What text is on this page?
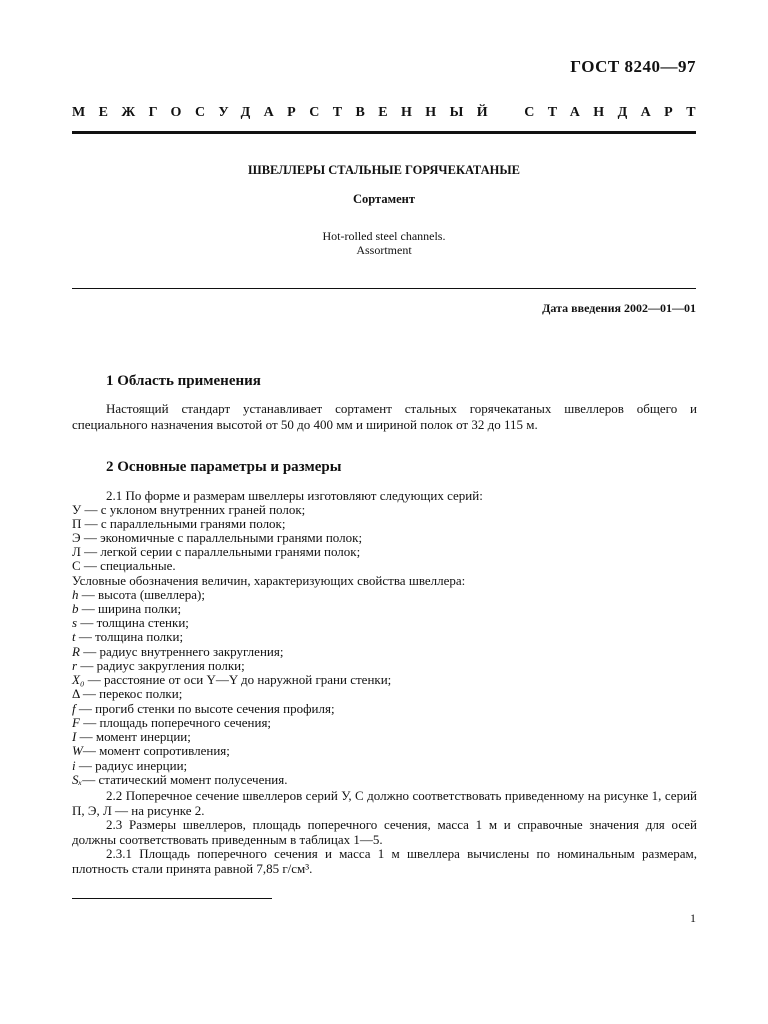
ГОСТ 8240—97
МЕЖГОСУДАРСТВЕННЫЙ СТАНДАРТ
ШВЕЛЛЕРЫ СТАЛЬНЫЕ ГОРЯЧЕКАТАНЫЕ
Сортамент
Hot-rolled steel channels.
Assortment
Дата введения 2002—01—01
1 Область применения
Настоящий стандарт устанавливает сортамент стальных горячекатаных швеллеров общего и специального назначения высотой от 50 до 400 мм и шириной полок от 32 до 115 м.
2 Основные параметры и размеры
2.1 По форме и размерам швеллеры изготовляют следующих серий:
У — с уклоном внутренних граней полок;
П — с параллельными гранями полок;
Э — экономичные с параллельными гранями полок;
Л — легкой серии с параллельными гранями полок;
С — специальные.
Условные обозначения величин, характеризующих свойства швеллера:
h — высота (швеллера);
b — ширина полки;
s — толщина стенки;
t — толщина полки;
R — радиус внутреннего закругления;
r — радиус закругления полки;
X₀ — расстояние от оси Y—Y до наружной грани стенки;
Δ — перекос полки;
f — прогиб стенки по высоте сечения профиля;
F — площадь поперечного сечения;
I — момент инерции;
W— момент сопротивления;
i — радиус инерции;
Sₓ— статический момент полусечения.
2.2 Поперечное сечение швеллеров серий У, С должно соответствовать приведенному на рисунке 1, серий П, Э, Л — на рисунке 2.
2.3 Размеры швеллеров, площадь поперечного сечения, масса 1 м и справочные значения для осей должны соответствовать приведенным в таблицах 1—5.
2.3.1 Площадь поперечного сечения и масса 1 м швеллера вычислены по номинальным размерам, плотность стали принята равной 7,85 г/см³.
1
